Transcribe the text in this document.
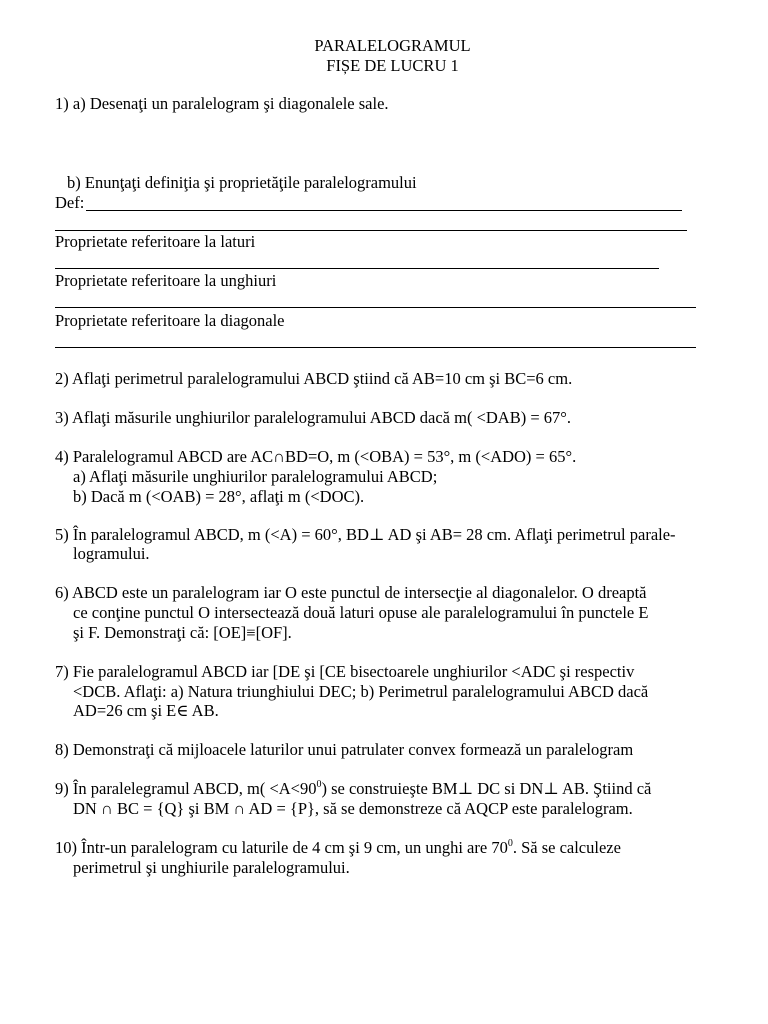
PARALELOGRAMUL
FIȘE DE LUCRU 1
1) a) Desenaţi un paralelogram şi diagonalele sale.
b) Enunţaţi definiţia şi proprietăţile paralelogramului
Def:
Proprietate referitoare la laturi
Proprietate referitoare la unghiuri
Proprietate referitoare la diagonale
2) Aflaţi perimetrul paralelogramului ABCD ştiind că AB=10 cm şi BC=6 cm.
3) Aflaţi măsurile unghiurilor paralelogramului ABCD dacă m( <DAB) = 67°.
4) Paralelogramul ABCD are AC∩BD=O, m (<OBA) = 53°, m (<ADO) = 65°.
a) Aflaţi măsurile unghiurilor paralelogramului ABCD;
b) Dacă m (<OAB) = 28°, aflaţi m (<DOC).
5) În paralelogramul ABCD, m (<A) = 60°, BD⊥ AD şi AB= 28 cm. Aflaţi perimetrul parale-
logramului.
6) ABCD este un paralelogram iar O este punctul de intersecţie al diagonalelor. O dreaptă
ce conţine punctul O intersectează două laturi opuse ale paralelogramului în punctele E
şi F. Demonstraţi că: [OE]≡[OF].
7) Fie paralelogramul ABCD iar [DE şi [CE bisectoarele unghiurilor <ADC şi respectiv
<DCB. Aflaţi: a) Natura triunghiului DEC; b) Perimetrul paralelogramului ABCD dacă
AD=26 cm şi E∈ AB.
8) Demonstraţi că mijloacele laturilor unui patrulater convex formează un paralelogram
9) În paralelegramul ABCD, $m( <A<90^0)$ se construieşte BM⊥ DC si DN⊥ AB. Ştiind că
DN ∩ BC = {Q} şi BM ∩ AD = {P}, să se demonstreze că AQCP este paralelogram.
10) Într-un paralelogram cu laturile de 4 cm şi 9 cm, un unghi are $70^0$. Să se calculeze
perimetrul şi unghiurile paralelogramului.
